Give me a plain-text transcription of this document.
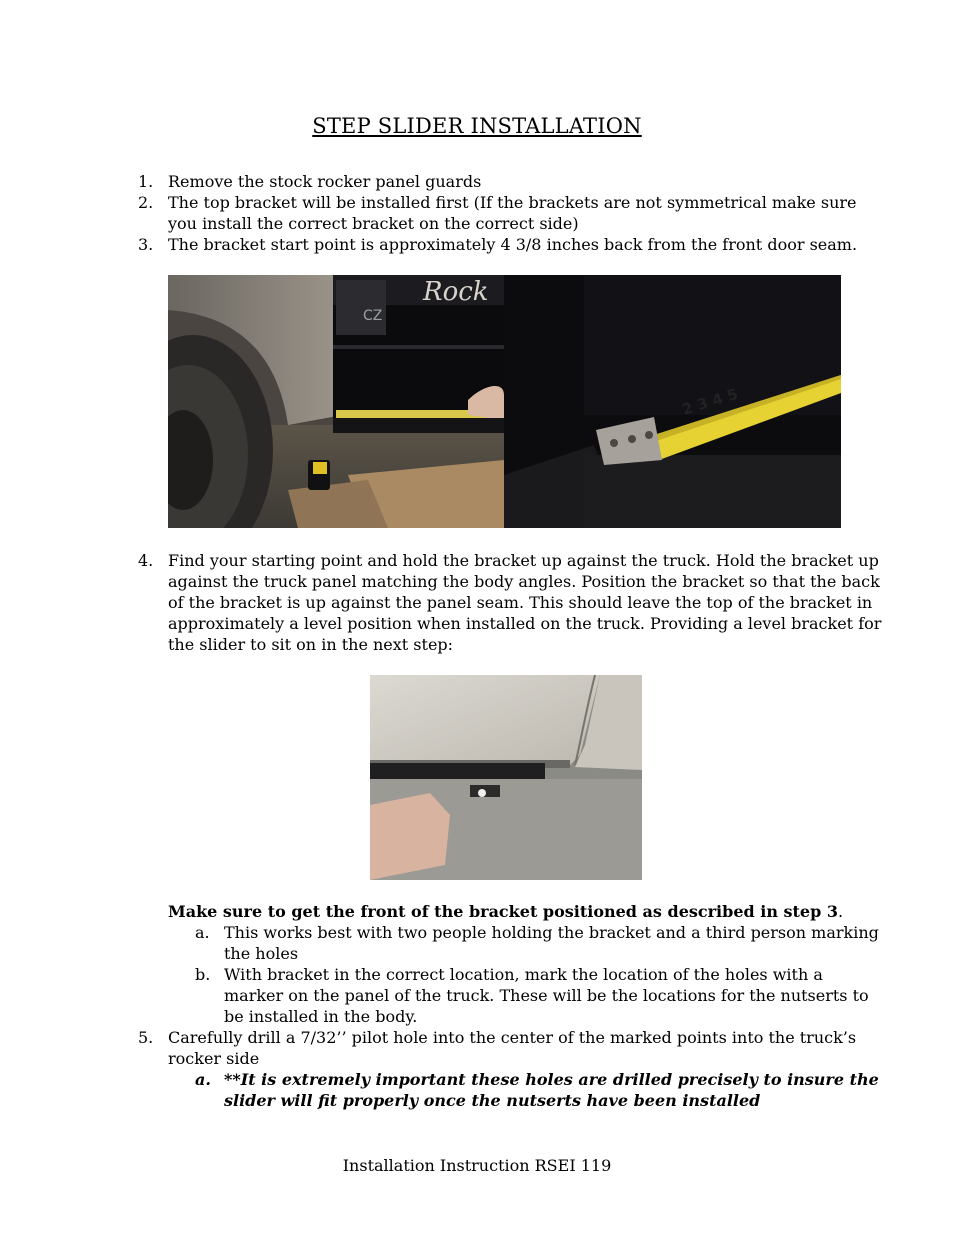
STEP SLIDER INSTALLATION
1. Remove the stock rocker panel guards
2. The top bracket will be installed first (If the brackets are not symmetrical make sure
you install the correct bracket on the correct side)
3. The bracket start point is approximately 4 3/8 inches back from the front door seam.
Rock
CZ
2 3 4 5
4. Find your starting point and hold the bracket up against the truck. Hold the bracket up
against the truck panel matching the body angles. Position the bracket so that the back
of the bracket is up against the panel seam. This should leave the top of the bracket in
approximately a level position when installed on the truck. Providing a level bracket for
the slider to sit on in the next step:
Make sure to get the front of the bracket positioned as described in step 3.
a. This works best with two people holding the bracket and a third person marking
the holes
b. With bracket in the correct location, mark the location of the holes with a
marker on the panel of the truck. These will be the locations for the nutserts to
be installed in the body.
5. Carefully drill a 7/32’’ pilot hole into the center of the marked points into the truck’s
rocker side
a. **It is extremely important these holes are drilled precisely to insure the
slider will fit properly once the nutserts have been installed
Installation Instruction RSEI 119
